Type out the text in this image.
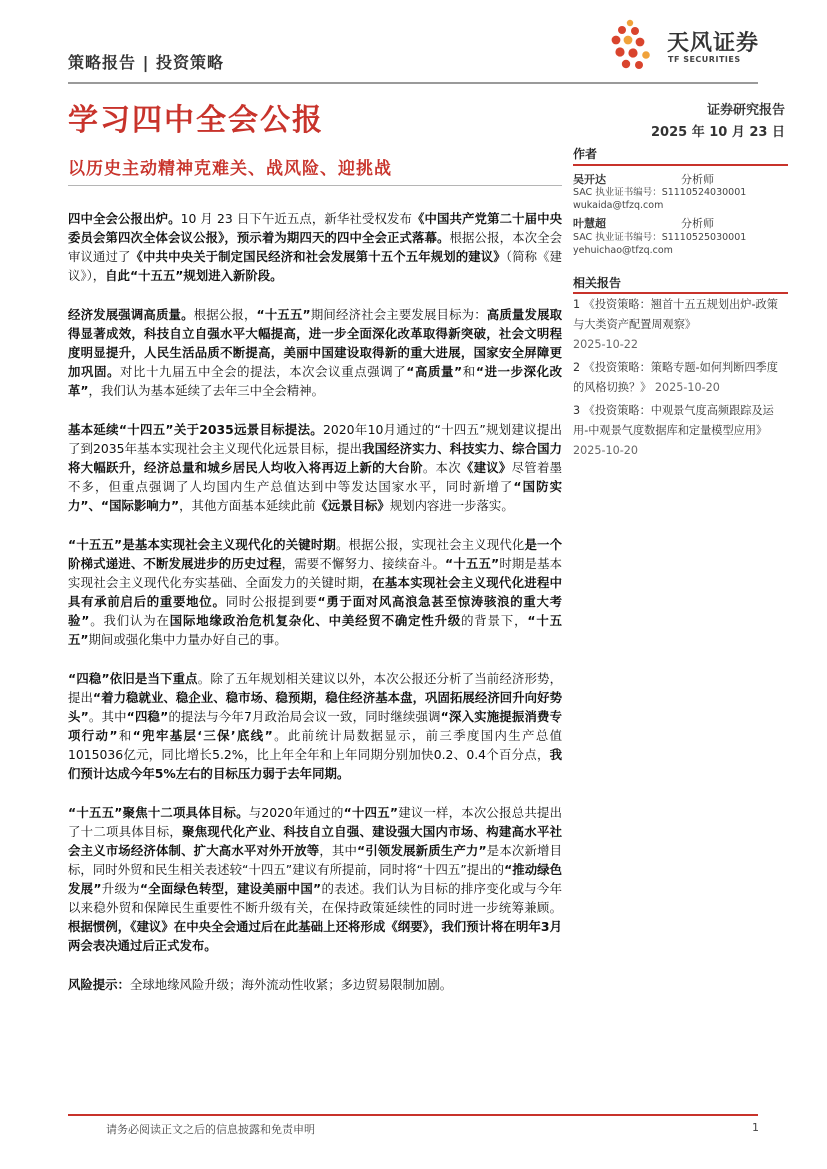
策略报告 | 投资策略
天风证券
TF SECURITIES
学习四中全会公报	证券研究报告
2025 年 10 月 23 日
以历史主动精神克难关、战风险、迎挑战
作者
吴开达	分析师
SAC 执业证书编号：S1110524030001
wukaida@tfzq.com
叶慧超	分析师
SAC 执业证书编号：S1110525030001
yehuichao@tfzq.com
相关报告
1 《投资策略：翘首十五五规划出炉-政策与大类资产配置周观察》
2025-10-22
2 《投资策略：策略专题-如何判断四季度的风格切换？》 2025-10-20
3 《投资策略：中观景气度高频跟踪及运用-中观景气度数据库和定量模型应用》 2025-10-20

四中全会公报出炉。10 月 23 日下午近五点，新华社受权发布《中国共产党第二十届中央委员会第四次全体会议公报》，预示着为期四天的四中全会正式落幕。根据公报，本次全会审议通过了《中共中央关于制定国民经济和社会发展第十五个五年规划的建议》（简称《建议》），自此“十五五”规划进入新阶段。

经济发展强调高质量。根据公报，“十五五”期间经济社会主要发展目标为：高质量发展取得显著成效，科技自立自强水平大幅提高，进一步全面深化改革取得新突破，社会文明程度明显提升，人民生活品质不断提高，美丽中国建设取得新的重大进展，国家安全屏障更加巩固。对比十九届五中全会的提法，本次会议重点强调了“高质量”和“进一步深化改革”，我们认为基本延续了去年三中全会精神。

基本延续“十四五”关于2035远景目标提法。2020年10月通过的“十四五”规划建议提出了到2035年基本实现社会主义现代化远景目标，提出我国经济实力、科技实力、综合国力将大幅跃升，经济总量和城乡居民人均收入将再迈上新的大台阶。本次《建议》尽管着墨不多，但重点强调了人均国内生产总值达到中等发达国家水平，同时新增了“国防实力”、“国际影响力”，其他方面基本延续此前《远景目标》规划内容进一步落实。

“十五五”是基本实现社会主义现代化的关键时期。根据公报，实现社会主义现代化是一个阶梯式递进、不断发展进步的历史过程，需要不懈努力、接续奋斗。“十五五”时期是基本实现社会主义现代化夯实基础、全面发力的关键时期，在基本实现社会主义现代化进程中具有承前启后的重要地位。同时公报提到要“勇于面对风高浪急甚至惊涛骇浪的重大考验”。我们认为在国际地缘政治危机复杂化、中美经贸不确定性升级的背景下，“十五五”期间或强化集中力量办好自己的事。

“四稳”依旧是当下重点。除了五年规划相关建议以外，本次公报还分析了当前经济形势，提出“着力稳就业、稳企业、稳市场、稳预期，稳住经济基本盘，巩固拓展经济回升向好势头”。其中“四稳”的提法与今年7月政治局会议一致，同时继续强调“深入实施提振消费专项行动”和“兜牢基层‘三保’底线”。此前统计局数据显示，前三季度国内生产总值1015036亿元，同比增长5.2%，比上年全年和上年同期分别加快0.2、0.4个百分点，我们预计达成今年5%左右的目标压力弱于去年同期。

“十五五”聚焦十二项具体目标。与2020年通过的“十四五”建议一样，本次公报总共提出了十二项具体目标，聚焦现代化产业、科技自立自强、建设强大国内市场、构建高水平社会主义市场经济体制、扩大高水平对外开放等，其中“引领发展新质生产力”是本次新增目标，同时外贸和民生相关表述较“十四五”建议有所提前，同时将“十四五”提出的“推动绿色发展”升级为“全面绿色转型，建设美丽中国”的表述。我们认为目标的排序变化或与今年以来稳外贸和保障民生重要性不断升级有关，在保持政策延续性的同时进一步统筹兼顾。根据惯例，《建议》在中央全会通过后在此基础上还将形成《纲要》，我们预计将在明年3月两会表决通过后正式发布。

风险提示：全球地缘风险升级；海外流动性收紧；多边贸易限制加剧。

请务必阅读正文之后的信息披露和免责申明	1
